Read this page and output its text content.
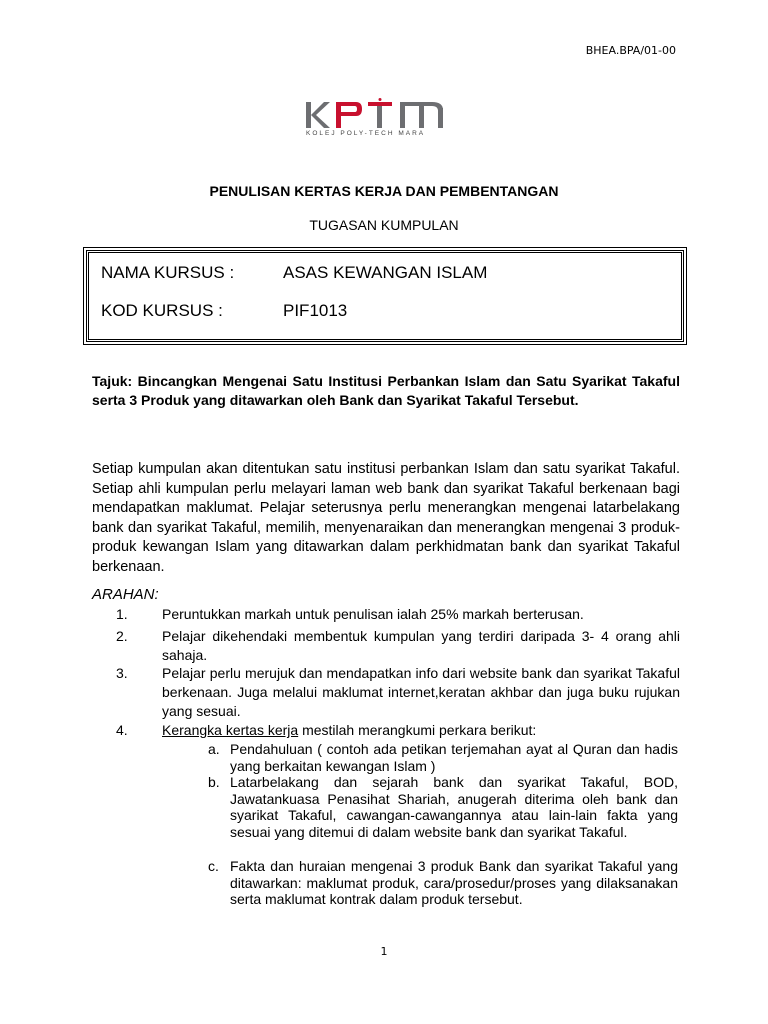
BHEA.BPA/01-00
KOLEJ POLY-TECH MARA
PENULISAN KERTAS KERJA DAN PEMBENTANGAN
TUGASAN KUMPULAN
NAMA KURSUS :	ASAS KEWANGAN ISLAM
KOD KURSUS :	PIF1013
Tajuk: Bincangkan Mengenai Satu Institusi Perbankan Islam dan Satu Syarikat Takaful serta 3 Produk yang ditawarkan oleh Bank dan Syarikat Takaful Tersebut.
Setiap kumpulan akan ditentukan satu institusi perbankan Islam dan satu syarikat Takaful. Setiap ahli kumpulan perlu melayari laman web bank dan syarikat Takaful berkenaan bagi mendapatkan maklumat. Pelajar seterusnya perlu menerangkan mengenai latarbelakang bank dan syarikat Takaful, memilih, menyenaraikan dan menerangkan mengenai 3 produk-produk kewangan Islam yang ditawarkan dalam perkhidmatan bank dan syarikat Takaful berkenaan.
ARAHAN:
1. Peruntukkan markah untuk penulisan ialah 25% markah berterusan.
2. Pelajar dikehendaki membentuk kumpulan yang terdiri daripada 3- 4 orang ahli sahaja.
3. Pelajar perlu merujuk dan mendapatkan info dari website bank dan syarikat Takaful berkenaan. Juga melalui maklumat internet,keratan akhbar dan juga buku rujukan yang sesuai.
4. Kerangka kertas kerja mestilah merangkumi perkara berikut:
a. Pendahuluan ( contoh ada petikan terjemahan ayat al Quran dan hadis yang berkaitan kewangan Islam )
b. Latarbelakang dan sejarah bank dan syarikat Takaful, BOD, Jawatankuasa Penasihat Shariah, anugerah diterima oleh bank dan syarikat Takaful, cawangan-cawangannya atau lain-lain fakta yang sesuai yang ditemui di dalam website bank dan syarikat Takaful.
c. Fakta dan huraian mengenai 3 produk Bank dan syarikat Takaful yang ditawarkan: maklumat produk, cara/prosedur/proses yang dilaksanakan serta maklumat kontrak dalam produk tersebut.
1
